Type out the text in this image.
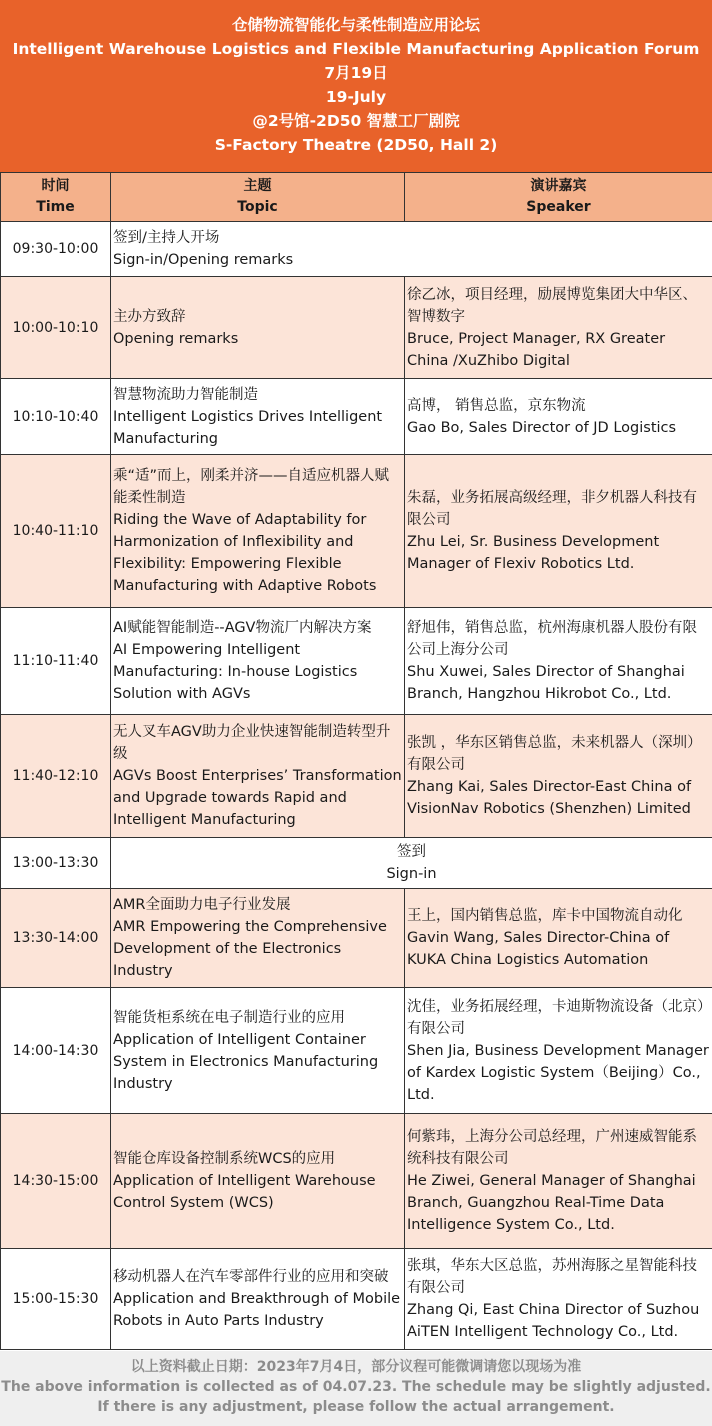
仓储物流智能化与柔性制造应用论坛
Intelligent Warehouse Logistics and Flexible Manufacturing Application Forum
7月19日
19-July
@2号馆-2D50 智慧工厂剧院
S-Factory Theatre (2D50, Hall 2)
时间
Time	主题
Topic	演讲嘉宾
Speaker

09:30-10:00	签到/主持人开场
Sign-in/Opening remarks	

10:00-10:10	主办方致辞
Opening remarks	徐乙冰，项目经理，励展博览集团大中华区、智博数字
Bruce, Project Manager, RX Greater China /XuZhibo Digital

10:10-10:40	智慧物流助力智能制造
Intelligent Logistics Drives Intelligent Manufacturing	高博， 销售总监，京东物流
Gao Bo, Sales Director of JD Logistics

10:40-11:10	乘“适”而上，刚柔并济——自适应机器人赋能柔性制造
Riding the Wave of Adaptability for Harmonization of Inflexibility and Flexibility: Empowering Flexible Manufacturing with Adaptive Robots	朱磊，业务拓展高级经理，非夕机器人科技有限公司
Zhu Lei, Sr. Business Development Manager of Flexiv Robotics Ltd.

11:10-11:40	AI赋能智能制造--AGV物流厂内解决方案
AI Empowering Intelligent Manufacturing: In-house Logistics Solution with AGVs	舒旭伟，销售总监，杭州海康机器人股份有限公司上海分公司
Shu Xuwei, Sales Director of Shanghai Branch, Hangzhou Hikrobot Co., Ltd.

11:40-12:10	无人叉车AGV助力企业快速智能制造转型升级
AGVs Boost Enterprises’ Transformation and Upgrade towards Rapid and Intelligent Manufacturing	张凯 ，华东区销售总监，未来机器人（深圳）有限公司
Zhang Kai, Sales Director-East China of VisionNav Robotics (Shenzhen) Limited

13:00-13:30	签到
Sign-in	

13:30-14:00	AMR全面助力电子行业发展
AMR Empowering the Comprehensive Development of the Electronics Industry	王上，国内销售总监，库卡中国物流自动化
Gavin Wang, Sales Director-China of KUKA China Logistics Automation

14:00-14:30	智能货柜系统在电子制造行业的应用
Application of Intelligent Container System in Electronics Manufacturing Industry	沈佳，业务拓展经理，卡迪斯物流设备（北京）有限公司
Shen Jia, Business Development Manager of Kardex Logistic System（Beijing）Co., Ltd.

14:30-15:00	智能仓库设备控制系统WCS的应用
Application of Intelligent Warehouse Control System (WCS)	何紫玮，上海分公司总经理，广州速威智能系统科技有限公司
He Ziwei, General Manager of Shanghai Branch, Guangzhou Real-Time Data Intelligence System Co., Ltd.

15:00-15:30	移动机器人在汽车零部件行业的应用和突破
Application and Breakthrough of Mobile Robots in Auto Parts Industry	张琪，华东大区总监，苏州海豚之星智能科技有限公司
Zhang Qi, East China Director of Suzhou AiTEN Intelligent Technology Co., Ltd.
以上资料截止日期：2023年7月4日，部分议程可能微调请您以现场为准
The above information is collected as of 04.07.23. The schedule may be slightly adjusted. If there is any adjustment, please follow the actual arrangement.
